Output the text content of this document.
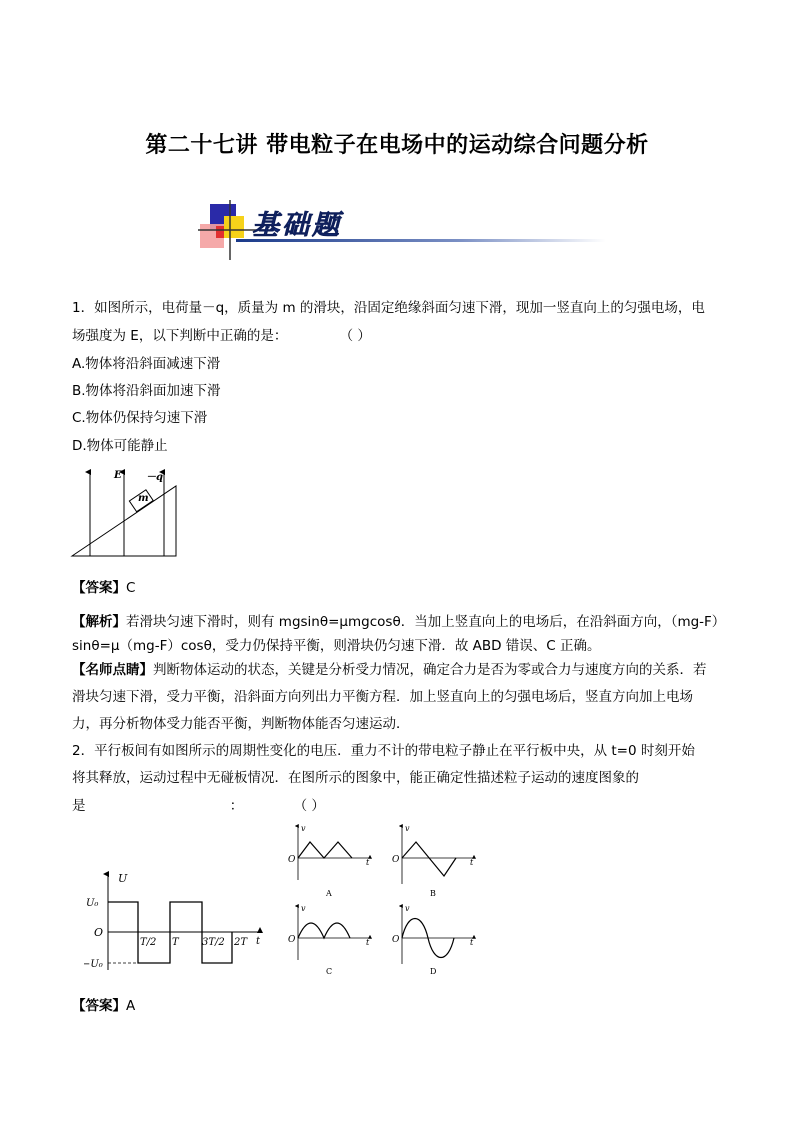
第二十七讲 带电粒子在电场中的运动综合问题分析
基础题
1．如图所示，电荷量－q，质量为 m 的滑块，沿固定绝缘斜面匀速下滑，现加一竖直向上的匀强电场，电
场强度为 E，以下判断中正确的是：	（ ）
A.物体将沿斜面减速下滑
B.物体将沿斜面加速下滑
C.物体仍保持匀速下滑
D.物体可能静止
m
－q
E
【答案】C
【解析】若滑块匀速下滑时，则有 mgsinθ=μmgcosθ．当加上竖直向上的电场后，在沿斜面方向，（mg-F）
sinθ=μ（mg-F）cosθ，受力仍保持平衡，则滑块仍匀速下滑．故 ABD 错误、C 正确。
【名师点睛】判断物体运动的状态，关键是分析受力情况，确定合力是否为零或合力与速度方向的关系．若
滑块匀速下滑，受力平衡，沿斜面方向列出力平衡方程．加上竖直向上的匀强电场后，竖直方向加上电场
力，再分析物体受力能否平衡，判断物体能否匀速运动．
2．平行板间有如图所示的周期性变化的电压．重力不计的带电粒子静止在平行板中央，从 t=0 时刻开始
将其释放，运动过程中无碰板情况．在图所示的图象中，能正确定性描述粒子运动的速度图象的
是	：	（ ）
U
U₀
O
−U₀
T/2 T 3T/2 2T t
v
O	t
A
v
O	t
B
v
O	t
C
v
O	t
D
【答案】A
